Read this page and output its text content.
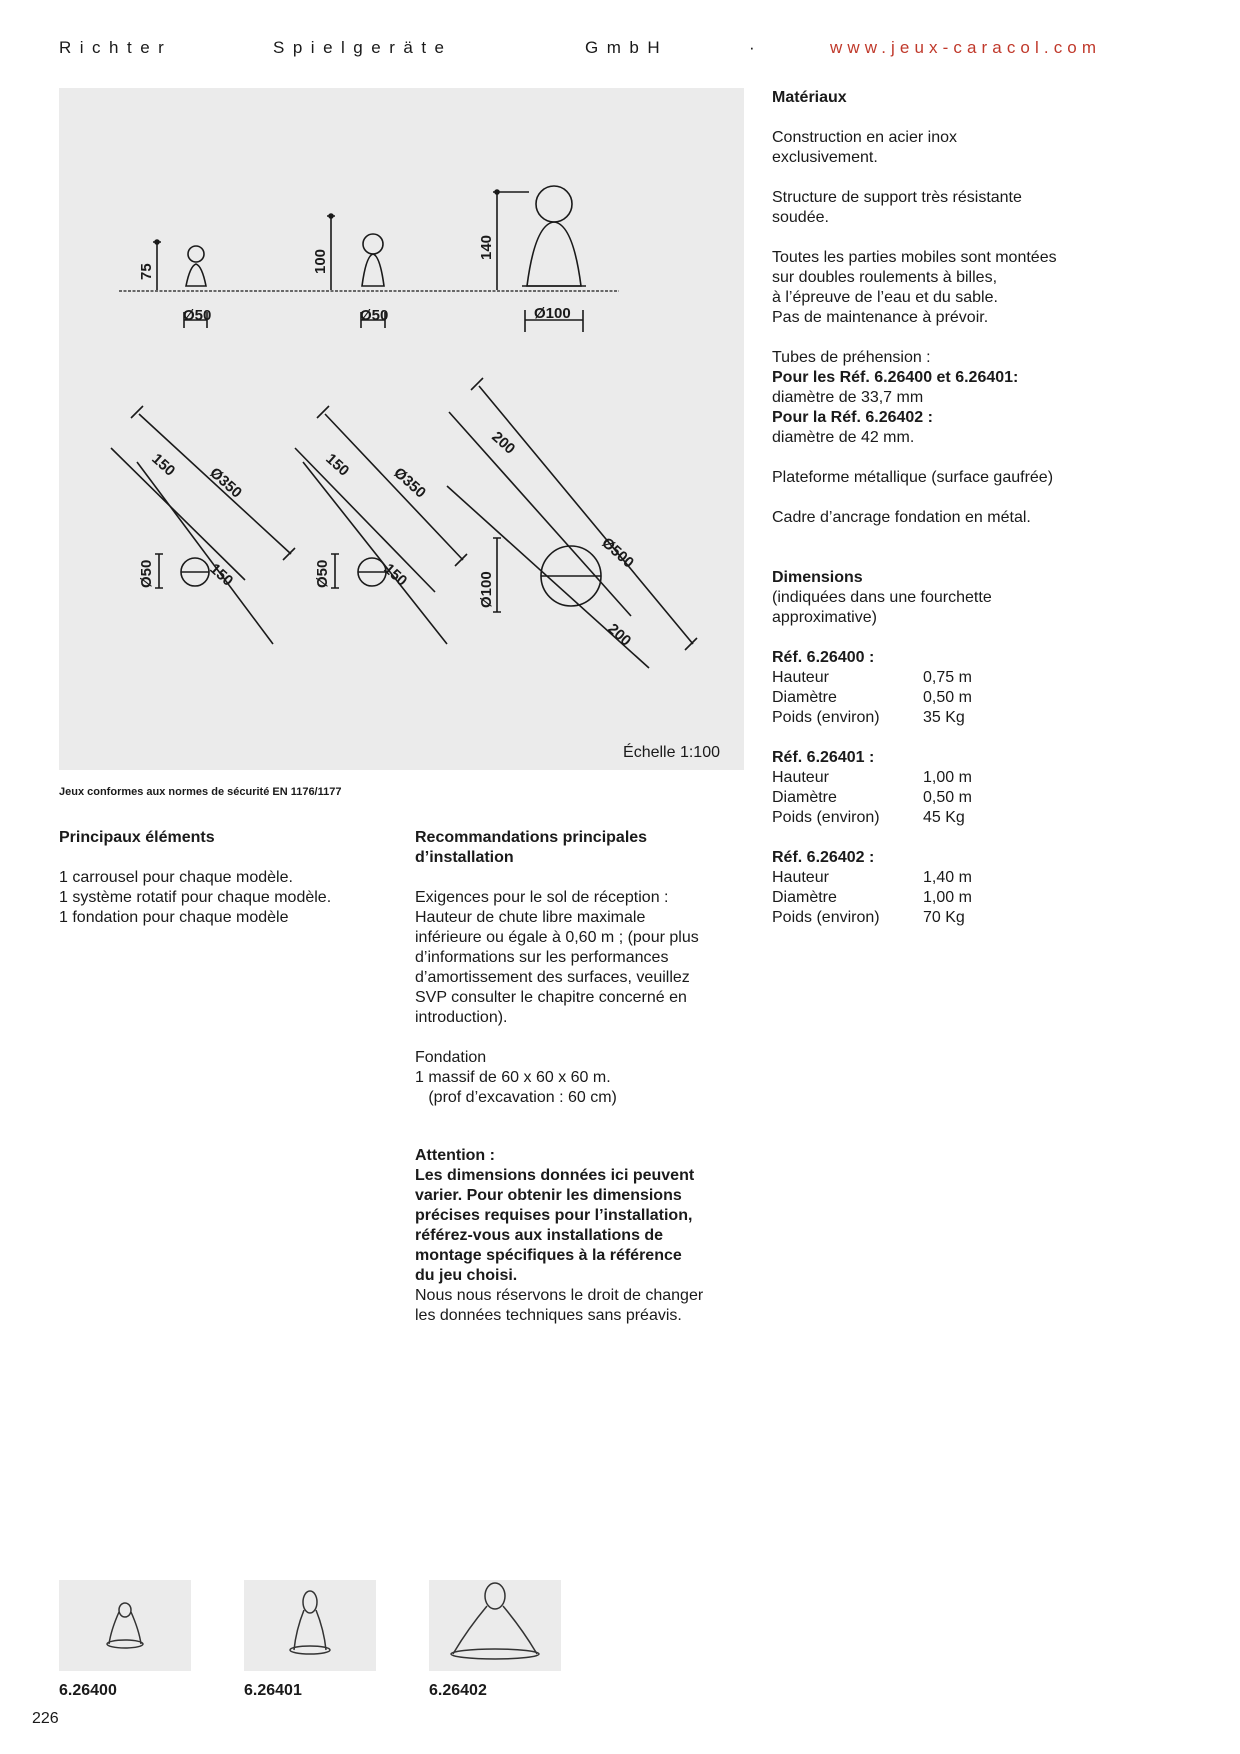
Richter	Spielgeräte	GmbH	·	www.jeux-caracol.com
75
Ø50
100
Ø50
140
Ø100
Ø50
150
150
Ø350
Ø50
150
150
Ø350
Ø100
200
Ø500
200
Échelle 1:100
Jeux conformes aux normes de sécurité EN 1176/1177
Principaux éléments

1 carrousel pour chaque modèle.

1 système rotatif pour chaque modèle.

1 fondation pour chaque modèle

Recommandations principales
d’installation

Exigences pour le sol de réception :

Hauteur de chute libre maximale

inférieure ou égale à 0,60 m ; (pour plus

d’informations sur les performances

d’amortissement des surfaces, veuillez

SVP consulter le chapitre concerné en

introduction).

Fondation

1 massif de 60 x 60 x 60 m.

(prof d’excavation : 60 cm)

Attention :

Les dimensions données ici peuvent

varier. Pour obtenir les dimensions

précises requises pour l’installation,

référez-vous aux installations de

montage spécifiques à la référence

du jeu choisi.

Nous nous réservons le droit de changer

les données techniques sans préavis.

Matériaux

Construction en acier inox

exclusivement.

Structure de support très résistante

soudée.

Toutes les parties mobiles sont montées

sur doubles roulements à billes,

à l’épreuve de l’eau et du sable.

Pas de maintenance à prévoir.

Tubes de préhension :

Pour les Réf. 6.26400 et 6.26401:

diamètre de 33,7 mm

Pour la Réf. 6.26402 :

diamètre de 42 mm.

Plateforme métallique (surface gaufrée)

Cadre d’ancrage fondation en métal.

Dimensions

(indiquées dans une fourchette

approximative)

Réf. 6.26400 :

Hauteur	0,75 m
Diamètre	0,50 m
Poids (environ)	35 Kg

Réf. 6.26401 :

Hauteur	1,00 m
Diamètre	0,50 m
Poids (environ)	45 Kg

Réf. 6.26402 :

Hauteur	1,40 m
Diamètre	1,00 m
Poids (environ)	70 Kg
6.26400	6.26401	6.26402
226
